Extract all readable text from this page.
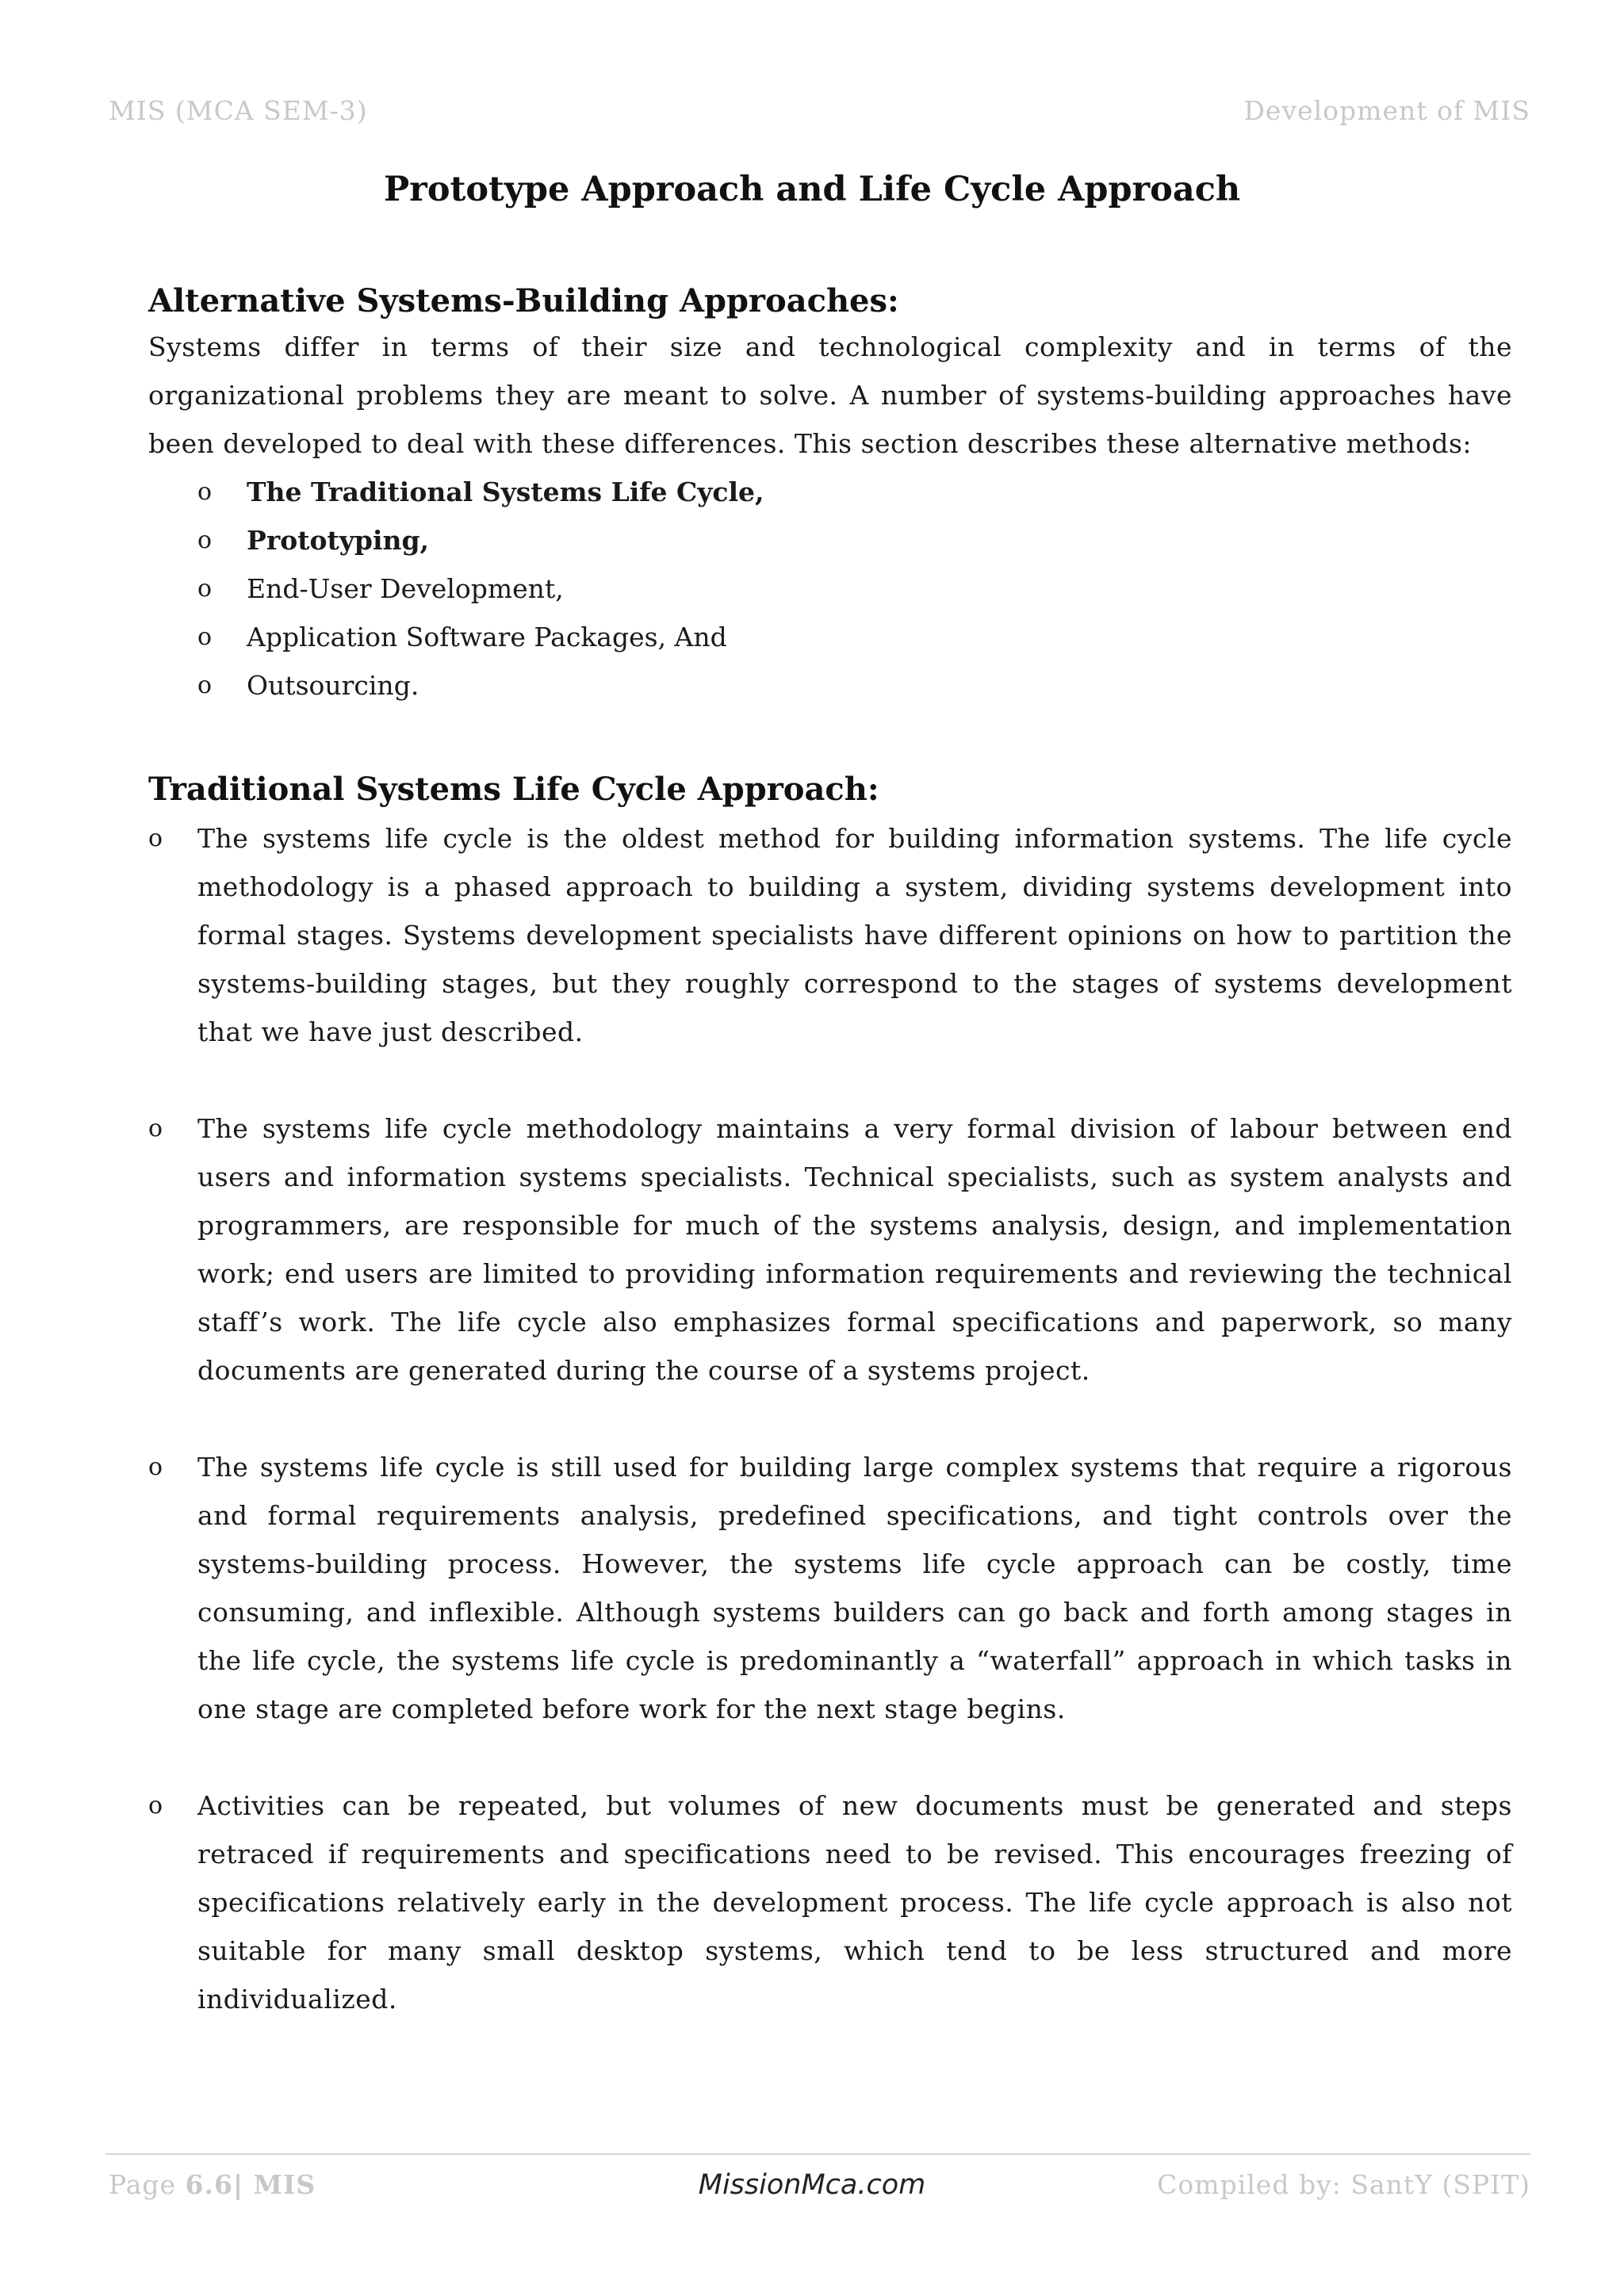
MIS (MCA SEM-3)	Development of MIS
Prototype Approach and Life Cycle Approach
Alternative Systems-Building Approaches:

Systems differ in terms of their size and technological complexity and in terms of the organizational problems they are meant to solve. A number of systems-building approaches have been developed to deal with these differences. This section describes these alternative methods:

o The Traditional Systems Life Cycle,
o Prototyping,
o End-User Development,
o Application Software Packages, And
o Outsourcing.
Traditional Systems Life Cycle Approach:
o The systems life cycle is the oldest method for building information systems. The life cycle methodology is a phased approach to building a system, dividing systems development into formal stages. Systems development specialists have different opinions on how to partition the systems-building stages, but they roughly correspond to the stages of systems development that we have just described.
o The systems life cycle methodology maintains a very formal division of labour between end users and information systems specialists. Technical specialists, such as system analysts and programmers, are responsible for much of the systems analysis, design, and implementation work; end users are limited to providing information requirements and reviewing the technical staff’s work. The life cycle also emphasizes formal specifications and paperwork, so many documents are generated during the course of a systems project.
o The systems life cycle is still used for building large complex systems that require a rigorous and formal requirements analysis, predefined specifications, and tight controls over the systems-building process. However, the systems life cycle approach can be costly, time consuming, and inflexible. Although systems builders can go back and forth among stages in the life cycle, the systems life cycle is predominantly a “waterfall” approach in which tasks in one stage are completed before work for the next stage begins.
o Activities can be repeated, but volumes of new documents must be generated and steps retraced if requirements and specifications need to be revised. This encourages freezing of specifications relatively early in the development process. The life cycle approach is also not suitable for many small desktop systems, which tend to be less structured and more individualized.
Page 6.6| MIS	MissionMca.com	Compiled by: SantY (SPIT)
